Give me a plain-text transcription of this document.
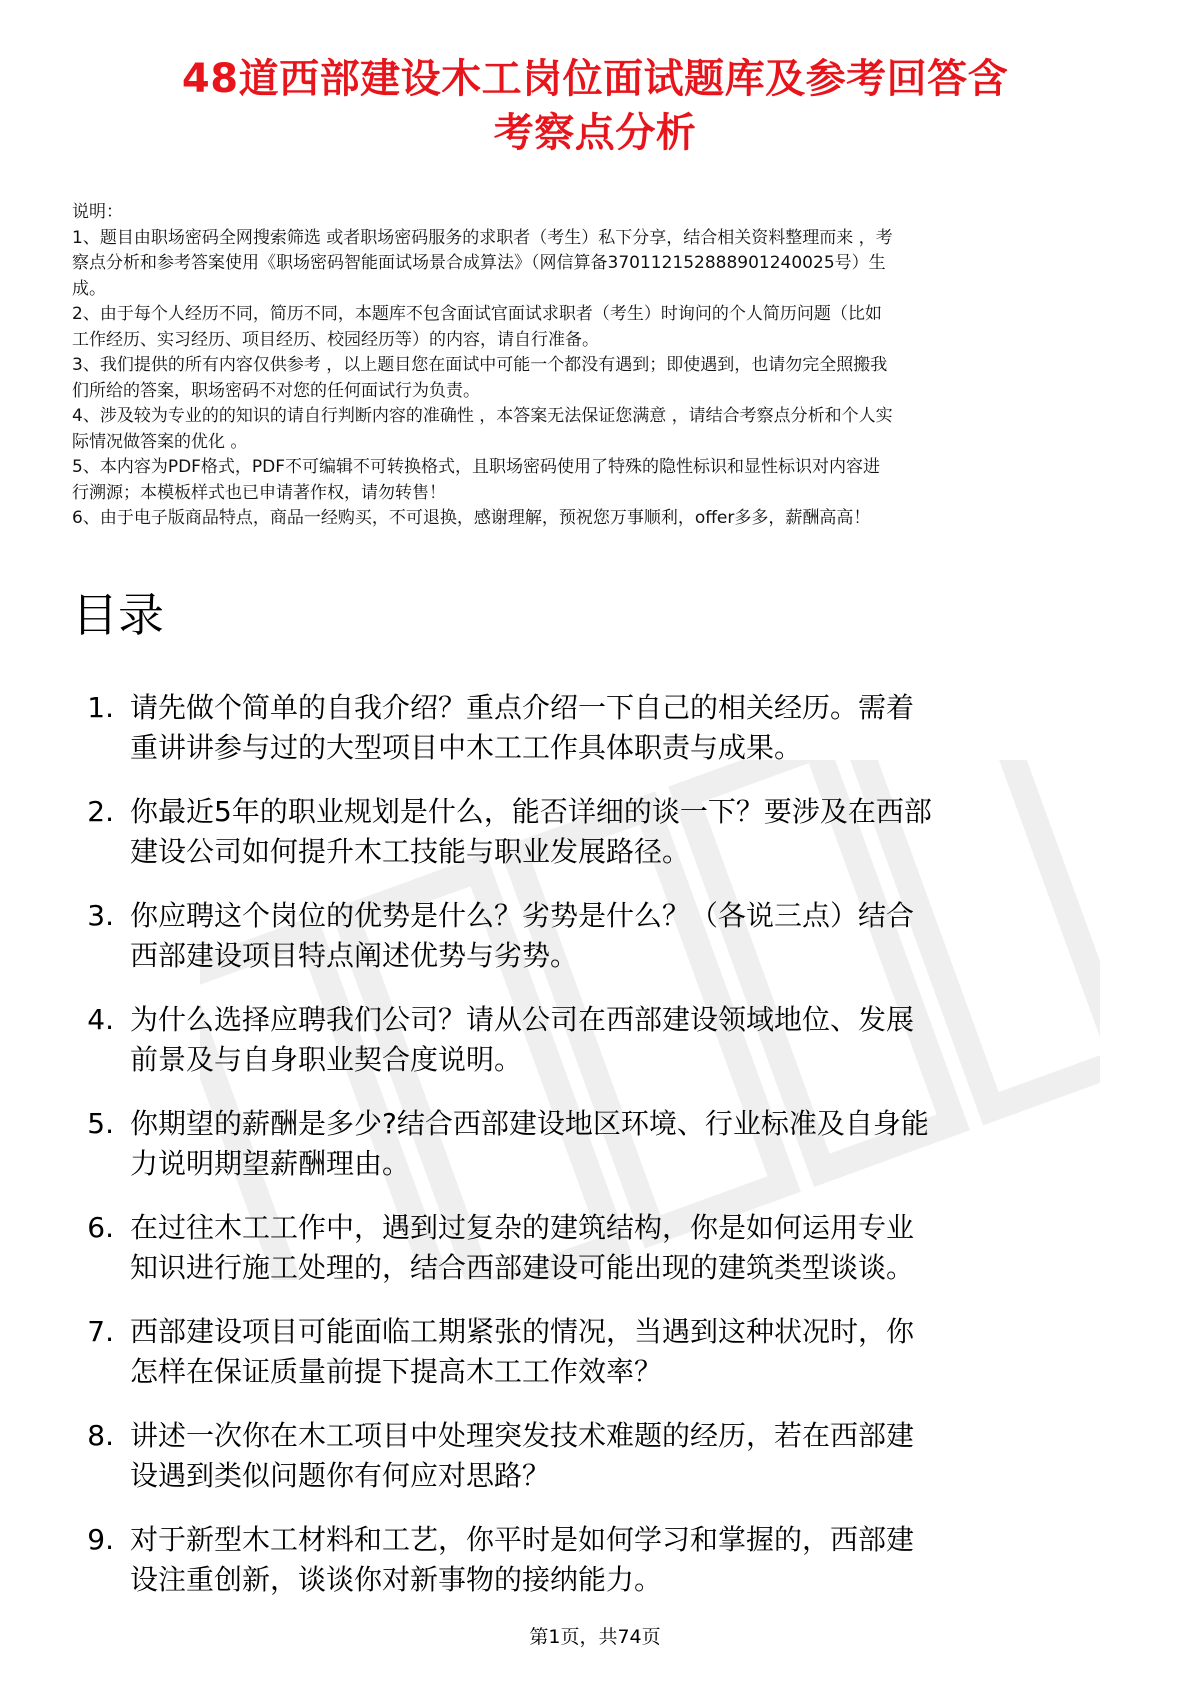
48道西部建设木工岗位面试题库及参考回答含
考察点分析
说明：
1、题目由职场密码全网搜索筛选 或者职场密码服务的求职者（考生）私下分享，结合相关资料整理而来 ，考
察点分析和参考答案使用《职场密码智能面试场景合成算法》（网信算备370112152888901240025号）生
成。
2、由于每个人经历不同，简历不同，本题库不包含面试官面试求职者（考生）时询问的个人简历问题（比如
工作经历、实习经历、项目经历、校园经历等）的内容，请自行准备。
3、我们提供的所有内容仅供参考 ，以上题目您在面试中可能一个都没有遇到；即使遇到，也请勿完全照搬我
们所给的答案，职场密码不对您的任何面试行为负责。
4、涉及较为专业的的知识的请自行判断内容的准确性 ，本答案无法保证您满意 ，请结合考察点分析和个人实
际情况做答案的优化 。
5、本内容为PDF格式，PDF不可编辑不可转换格式，且职场密码使用了特殊的隐性标识和显性标识对内容进
行溯源；本模板样式也已申请著作权，请勿转售！
6、由于电子版商品特点，商品一经购买，不可退换，感谢理解，预祝您万事顺利，offer多多，薪酬高高！
目录
1. 请先做个简单的自我介绍？重点介绍一下自己的相关经历。需着
重讲讲参与过的大型项目中木工工作具体职责与成果。
2. 你最近5年的职业规划是什么，能否详细的谈一下？要涉及在西部
建设公司如何提升木工技能与职业发展路径。
3. 你应聘这个岗位的优势是什么？劣势是什么？（各说三点）结合
西部建设项目特点阐述优势与劣势。
4. 为什么选择应聘我们公司？请从公司在西部建设领域地位、发展
前景及与自身职业契合度说明。
5. 你期望的薪酬是多少?结合西部建设地区环境、行业标准及自身能
力说明期望薪酬理由。
6. 在过往木工工作中，遇到过复杂的建筑结构，你是如何运用专业
知识进行施工处理的，结合西部建设可能出现的建筑类型谈谈。
7. 西部建设项目可能面临工期紧张的情况，当遇到这种状况时，你
怎样在保证质量前提下提高木工工作效率？
8. 讲述一次你在木工项目中处理突发技术难题的经历，若在西部建
设遇到类似问题你有何应对思路？
9. 对于新型木工材料和工艺，你平时是如何学习和掌握的，西部建
设注重创新，谈谈你对新事物的接纳能力。
第1页，共74页
